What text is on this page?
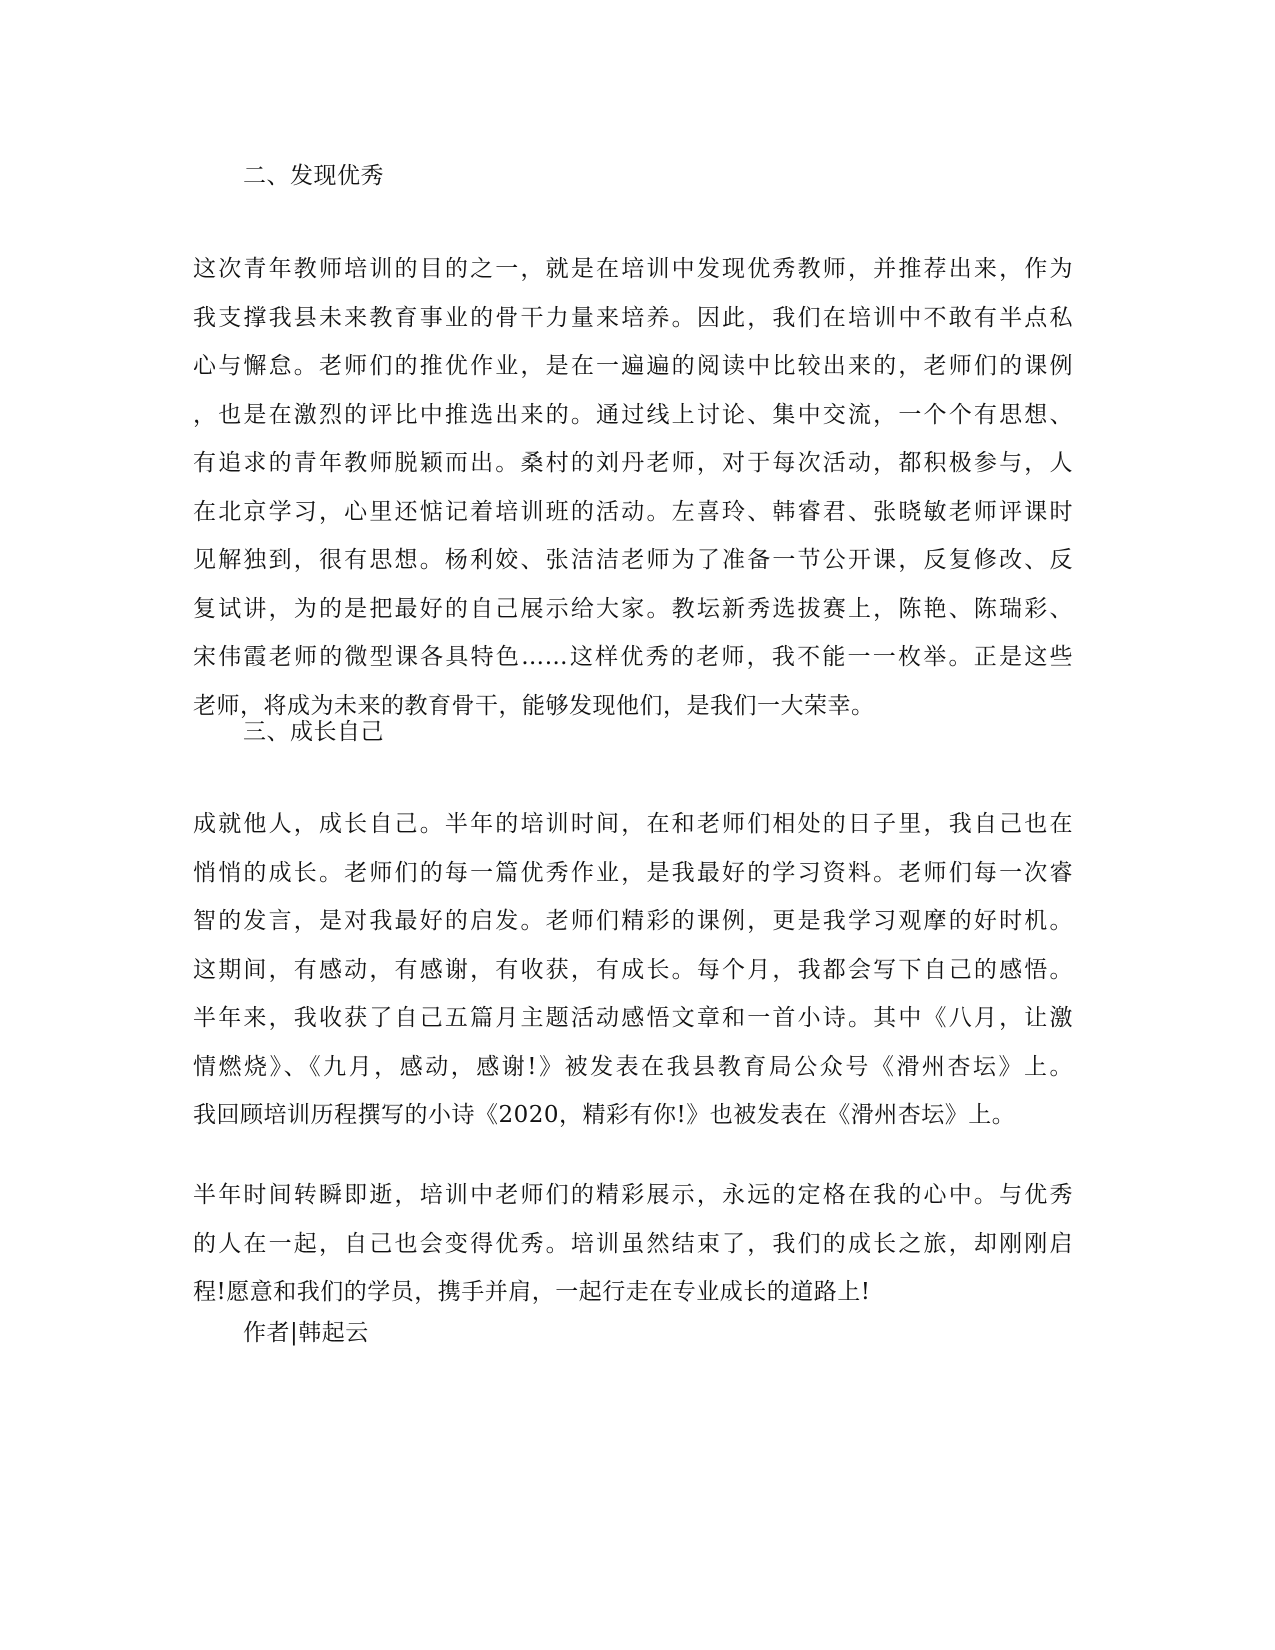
二、发现优秀
这次青年教师培训的目的之一，就是在培训中发现优秀教师，并推荐出来，作为
我支撑我县未来教育事业的骨干力量来培养。因此，我们在培训中不敢有半点私
心与懈怠。老师们的推优作业，是在一遍遍的阅读中比较出来的，老师们的课例
，也是在激烈的评比中推选出来的。通过线上讨论、集中交流，一个个有思想、
有追求的青年教师脱颖而出。桑村的刘丹老师，对于每次活动，都积极参与，人
在北京学习，心里还惦记着培训班的活动。左喜玲、韩睿君、张晓敏老师评课时
见解独到，很有思想。杨利姣、张洁洁老师为了准备一节公开课，反复修改、反
复试讲，为的是把最好的自己展示给大家。教坛新秀选拔赛上，陈艳、陈瑞彩、
宋伟霞老师的微型课各具特色……这样优秀的老师，我不能一一枚举。正是这些
老师，将成为未来的教育骨干，能够发现他们，是我们一大荣幸。
三、成长自己
成就他人，成长自己。半年的培训时间，在和老师们相处的日子里，我自己也在
悄悄的成长。老师们的每一篇优秀作业，是我最好的学习资料。老师们每一次睿
智的发言，是对我最好的启发。老师们精彩的课例，更是我学习观摩的好时机。
这期间，有感动，有感谢，有收获，有成长。每个月，我都会写下自己的感悟。
半年来，我收获了自己五篇月主题活动感悟文章和一首小诗。其中《八月，让激
情燃烧》、《九月，感动，感谢!》被发表在我县教育局公众号《滑州杏坛》上。
我回顾培训历程撰写的小诗《2020，精彩有你!》也被发表在《滑州杏坛》上。
半年时间转瞬即逝，培训中老师们的精彩展示，永远的定格在我的心中。与优秀
的人在一起，自己也会变得优秀。培训虽然结束了，我们的成长之旅，却刚刚启
程!愿意和我们的学员，携手并肩，一起行走在专业成长的道路上!
作者|韩起云
